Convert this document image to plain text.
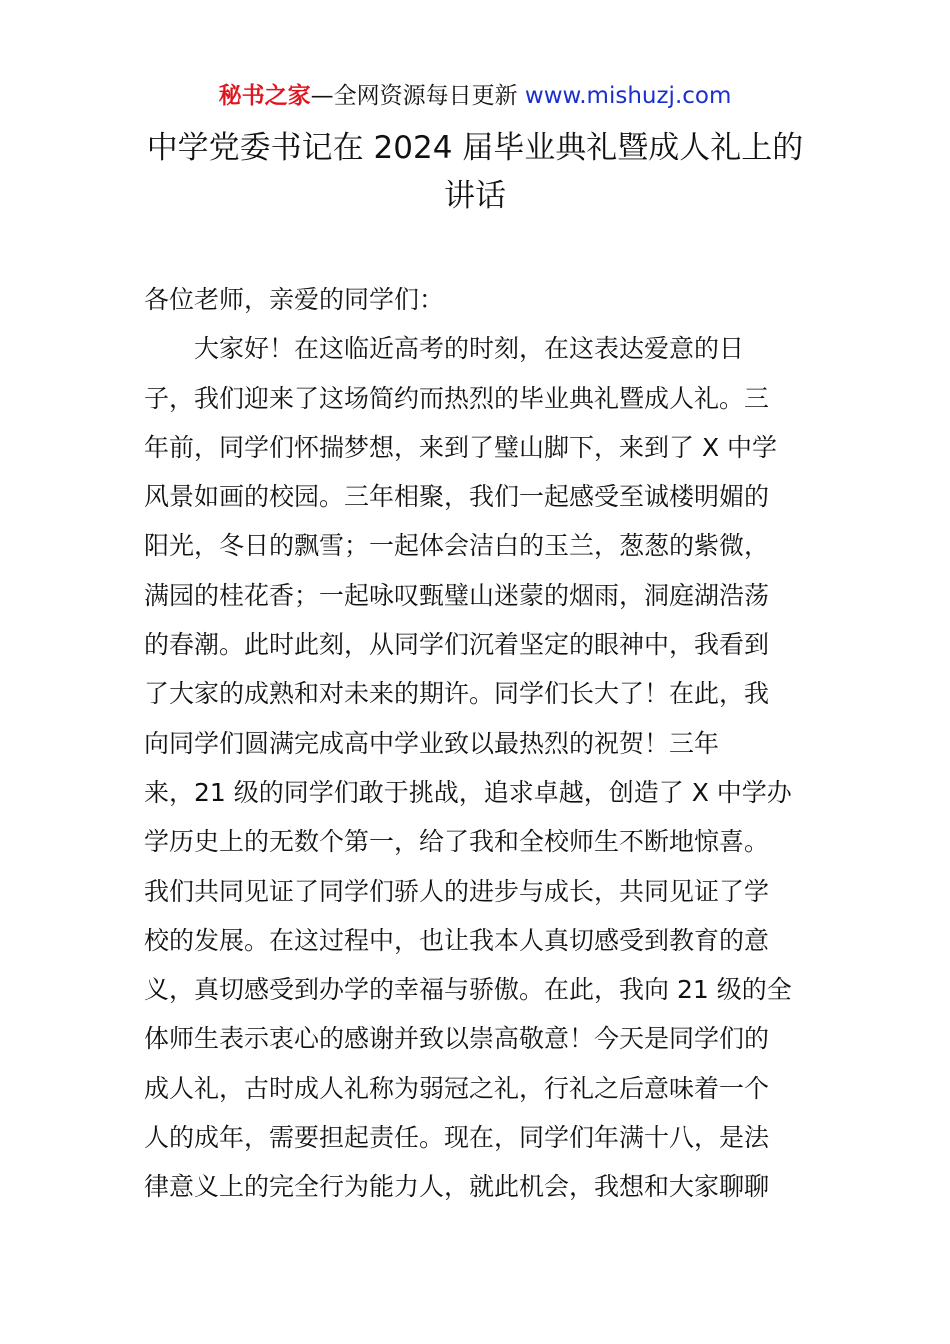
秘书之家—全网资源每日更新 www.mishuzj.com
中学党委书记在 2024 届毕业典礼暨成人礼上的
讲话
各位老师，亲爱的同学们：
大家好！在这临近高考的时刻，在这表达爱意的日
子，我们迎来了这场简约而热烈的毕业典礼暨成人礼。三
年前，同学们怀揣梦想，来到了璧山脚下，来到了 X 中学
风景如画的校园。三年相聚，我们一起感受至诚楼明媚的
阳光，冬日的飘雪；一起体会洁白的玉兰，葱葱的紫微，
满园的桂花香；一起咏叹甄璧山迷蒙的烟雨，洞庭湖浩荡
的春潮。此时此刻，从同学们沉着坚定的眼神中，我看到
了大家的成熟和对未来的期许。同学们长大了！在此，我
向同学们圆满完成高中学业致以最热烈的祝贺！三年
来，21 级的同学们敢于挑战，追求卓越，创造了 X 中学办
学历史上的无数个第一，给了我和全校师生不断地惊喜。
我们共同见证了同学们骄人的进步与成长，共同见证了学
校的发展。在这过程中，也让我本人真切感受到教育的意
义，真切感受到办学的幸福与骄傲。在此，我向 21 级的全
体师生表示衷心的感谢并致以崇高敬意！今天是同学们的
成人礼，古时成人礼称为弱冠之礼，行礼之后意味着一个
人的成年，需要担起责任。现在，同学们年满十八，是法
律意义上的完全行为能力人，就此机会，我想和大家聊聊
